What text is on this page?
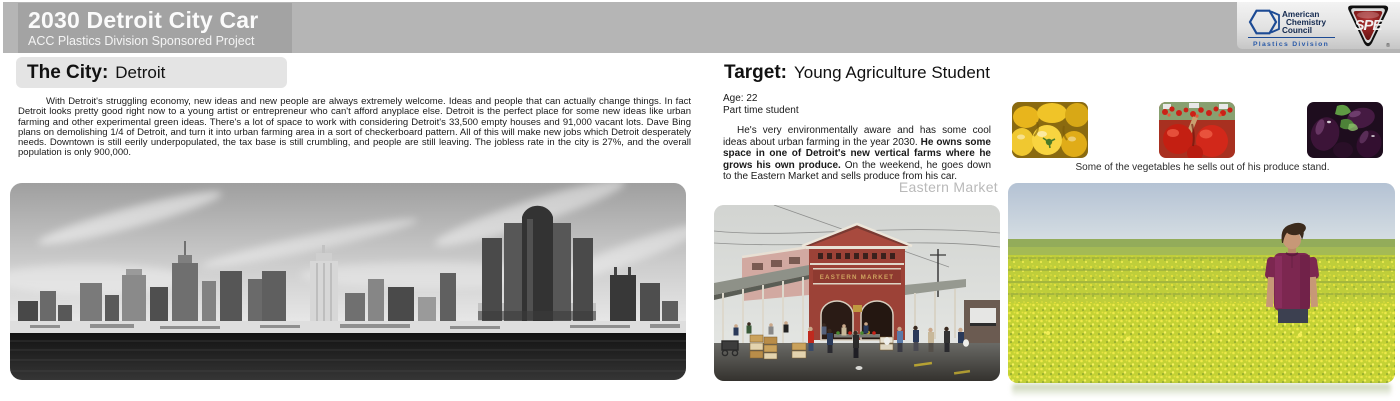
2030 Detroit City Car
ACC Plastics Division Sponsored Project
American
Chemistry
Council
Plastics Division
SPE
®
The City: Detroit

With Detroit's struggling economy, new ideas and new people are always extremely welcome. Ideas and people that can actually change things. In fact Detroit looks pretty good right now to a young artist or entrepreneur who can't afford anyplace else. Detroit is the perfect place for some new ideas like urban farming and other experimental green ideas. There's a lot of space to work with considering Detroit's 33,500 empty houses and 91,000 vacant lots. Dave Bing plans on demolishing 1/4 of Detroit, and turn it into urban farming area in a sort of checkerboard pattern. All of this will make new jobs which Detroit desperately needs. Downtown is still eerily underpopulated, the tax base is still crumbling, and people are still leaving. The jobless rate in the city is 27%, and the overall population is only 900,000.

Target: Young Agriculture Student
Age: 22
Part time student

He's very environmentally aware and has some cool ideas about urban farming in the year 2030. He owns some space in one of Detroit's new vertical farms where he grows his own produce. On the weekend, he goes down to the Eastern Market and sells produce from his car.

Eastern Market
Some of the vegetables he sells out of his produce stand.
EASTERN MARKET
